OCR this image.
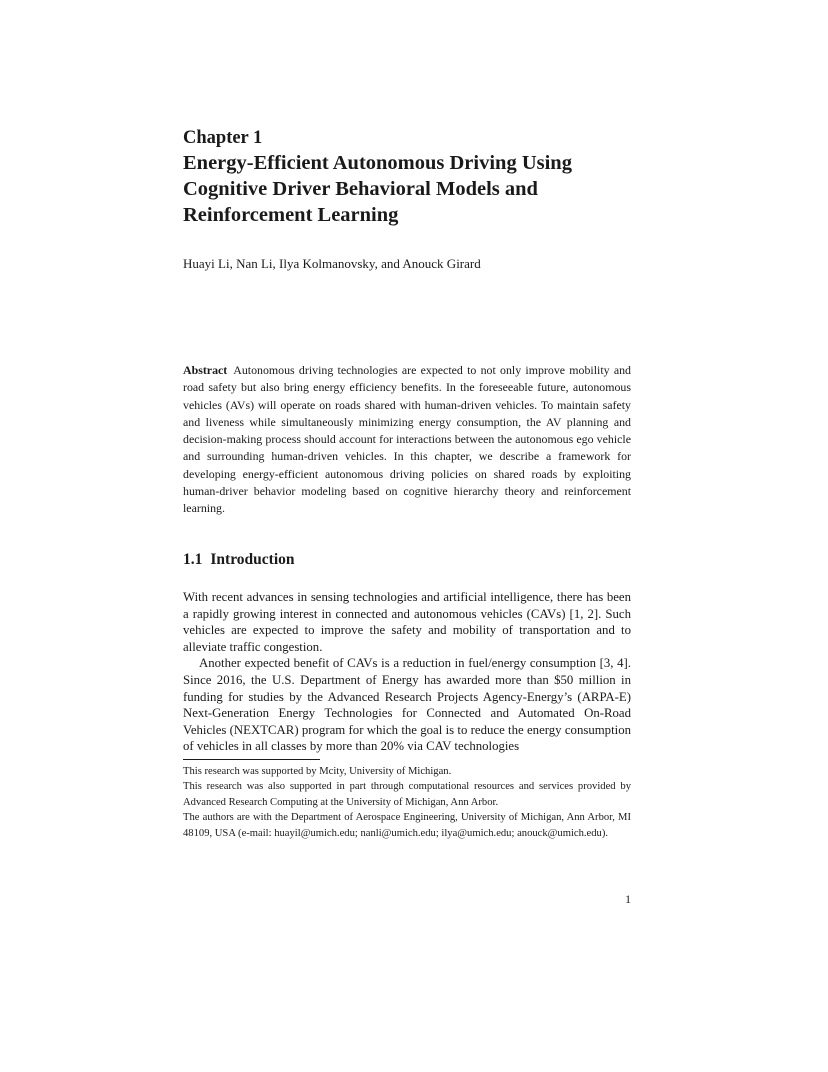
Chapter 1
Energy-Efficient Autonomous Driving Using Cognitive Driver Behavioral Models and Reinforcement Learning
Huayi Li, Nan Li, Ilya Kolmanovsky, and Anouck Girard
Abstract Autonomous driving technologies are expected to not only improve mobility and road safety but also bring energy efficiency benefits. In the foreseeable future, autonomous vehicles (AVs) will operate on roads shared with human-driven vehicles. To maintain safety and liveness while simultaneously minimizing energy consumption, the AV planning and decision-making process should account for interactions between the autonomous ego vehicle and surrounding human-driven vehicles. In this chapter, we describe a framework for developing energy-efficient autonomous driving policies on shared roads by exploiting human-driver behavior modeling based on cognitive hierarchy theory and reinforcement learning.
1.1 Introduction

With recent advances in sensing technologies and artificial intelligence, there has been a rapidly growing interest in connected and autonomous vehicles (CAVs) [1, 2]. Such vehicles are expected to improve the safety and mobility of transportation and to alleviate traffic congestion.

Another expected benefit of CAVs is a reduction in fuel/energy consumption [3, 4]. Since 2016, the U.S. Department of Energy has awarded more than $50 million in funding for studies by the Advanced Research Projects Agency-Energy’s (ARPA-E) Next-Generation Energy Technologies for Connected and Automated On-Road Vehicles (NEXTCAR) program for which the goal is to reduce the energy consumption of vehicles in all classes by more than 20% via CAV technologies

This research was supported by Mcity, University of Michigan.

This research was also supported in part through computational resources and services provided by Advanced Research Computing at the University of Michigan, Ann Arbor.

The authors are with the Department of Aerospace Engineering, University of Michigan, Ann Arbor, MI 48109, USA (e-mail: huayil@umich.edu; nanli@umich.edu; ilya@umich.edu; anouck@umich.edu).

1
